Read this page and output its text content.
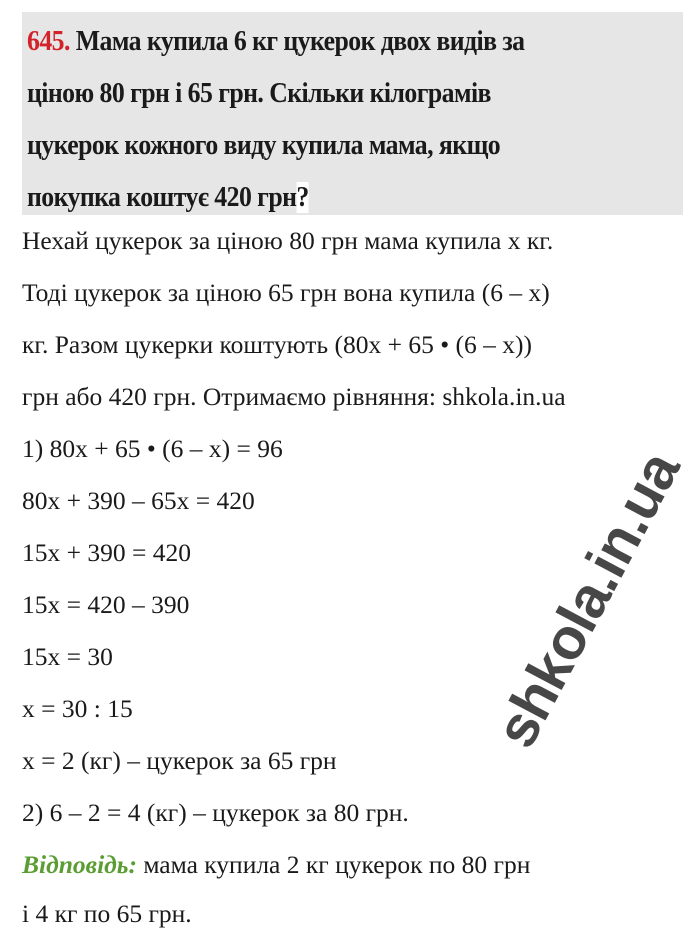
645. Мама купила 6 кг цукерок двох видів за
ціною 80 грн і 65 грн. Скільки кілограмів
цукерок кожного виду купила мама, якщо
покупка коштує 420 грн?
Нехай цукерок за ціною 80 грн мама купила x кг.
Тоді цукерок за ціною 65 грн вона купила (6 – x)
кг. Разом цукерки коштують (80x + 65 • (6 – x))
грн або 420 грн. Отримаємо рівняння: shkola.in.ua
1) 80x + 65 • (6 – x) = 96
80x + 390 – 65x = 420
15x + 390 = 420
15x = 420 – 390
15x = 30
x = 30 : 15
x = 2 (кг) – цукерок за 65 грн
2) 6 – 2 = 4 (кг) – цукерок за 80 грн.
Відповідь: мама купила 2 кг цукерок по 80 грн
і 4 кг по 65 грн.
shkola.in.ua
